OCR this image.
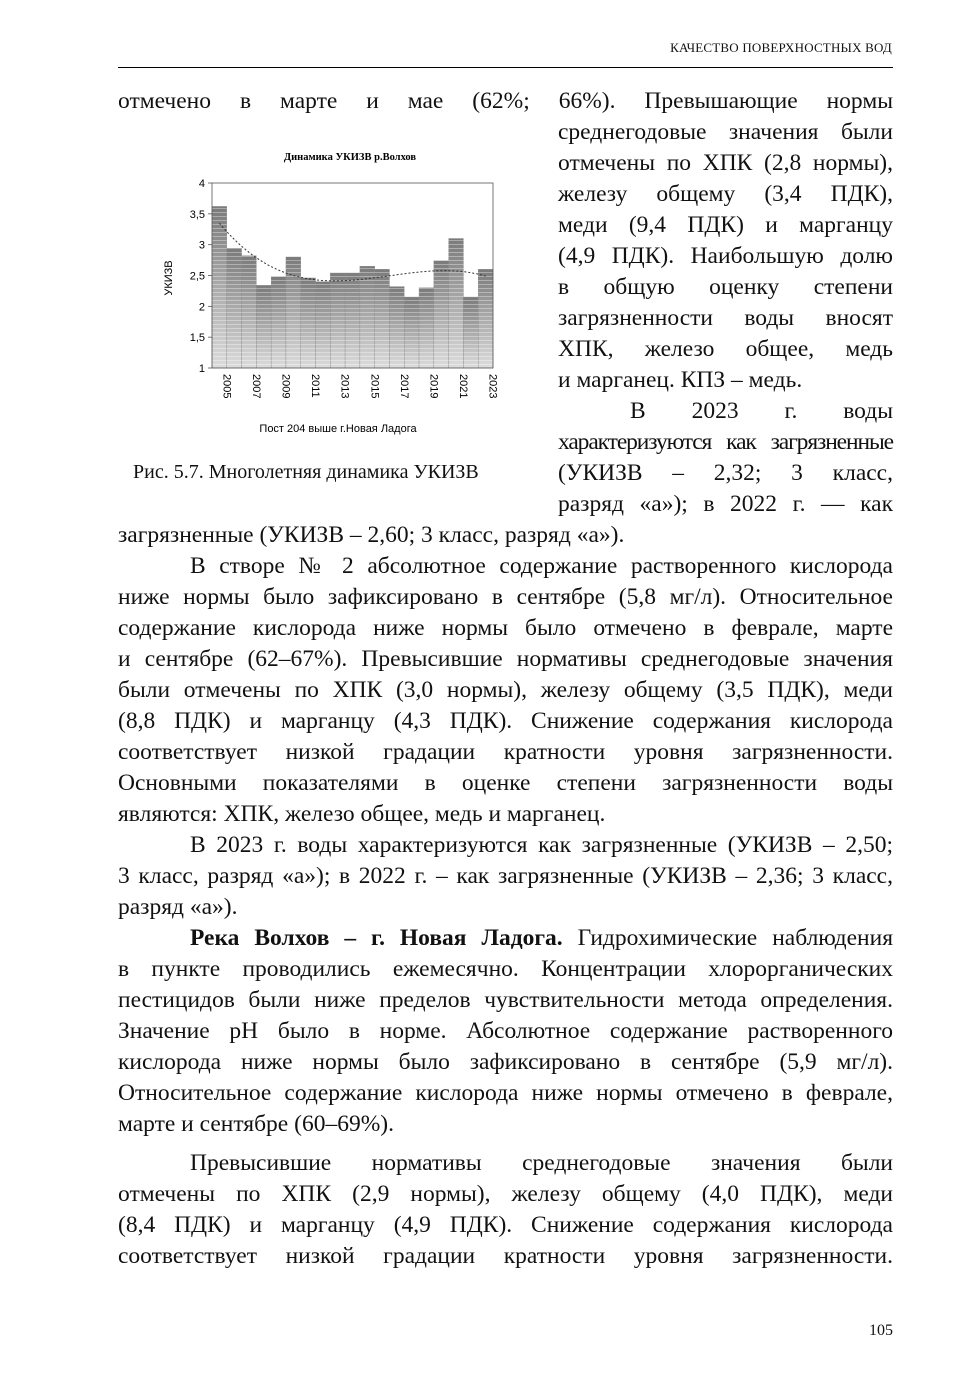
КАЧЕСТВО ПОВЕРХНОСТНЫХ ВОД
Динамика УКИЗВ р.Волхов
УКИЗВ
Пост 204 выше г.Новая Ладога
1
1,5
2
2,5
3
3,5
4
2005 2007 2009 2011 2013 2015 2017 2019 2021 2023
Рис. 5.7. Многолетняя динамика УКИЗВ
отмечено в марте и мае (62%; 66%). Превышающие нормы
среднегодовые значения были
отмечены по ХПК (2,8 нормы),
железу общему (3,4 ПДК),
меди (9,4 ПДК) и марганцу
(4,9 ПДК). Наибольшую долю
в общую оценку степени
загрязненности воды вносят
ХПК, железо общее, медь
и марганец. КПЗ – медь.
В 2023 г. воды
характеризуются как загрязненные
(УКИЗВ – 2,32; 3 класс,
разряд «а»); в 2022 г. — как
загрязненные (УКИЗВ – 2,60; 3 класс, разряд «а»).
В створе № 2 абсолютное содержание растворенного кислорода
ниже нормы было зафиксировано в сентябре (5,8 мг/л). Относительное
содержание кислорода ниже нормы было отмечено в феврале, марте
и сентябре (62–67%). Превысившие нормативы среднегодовые значения
были отмечены по ХПК (3,0 нормы), железу общему (3,5 ПДК), меди
(8,8 ПДК) и марганцу (4,3 ПДК). Снижение содержания кислорода
соответствует низкой градации кратности уровня загрязненности.
Основными показателями в оценке степени загрязненности воды
являются: ХПК, железо общее, медь и марганец.
В 2023 г. воды характеризуются как загрязненные (УКИЗВ – 2,50;
3 класс, разряд «а»); в 2022 г. – как загрязненные (УКИЗВ – 2,36; 3 класс,
разряд «а»).
Река Волхов – г. Новая Ладога. Гидрохимические наблюдения
в пункте проводились ежемесячно. Концентрации хлорорганических
пестицидов были ниже пределов чувствительности метода определения.
Значение рН было в норме. Абсолютное содержание растворенного
кислорода ниже нормы было зафиксировано в сентябре (5,9 мг/л).
Относительное содержание кислорода ниже нормы отмечено в феврале,
марте и сентябре (60–69%).
Превысившие нормативы среднегодовые значения были
отмечены по ХПК (2,9 нормы), железу общему (4,0 ПДК), меди
(8,4 ПДК) и марганцу (4,9 ПДК). Снижение содержания кислорода
соответствует низкой градации кратности уровня загрязненности.
105
